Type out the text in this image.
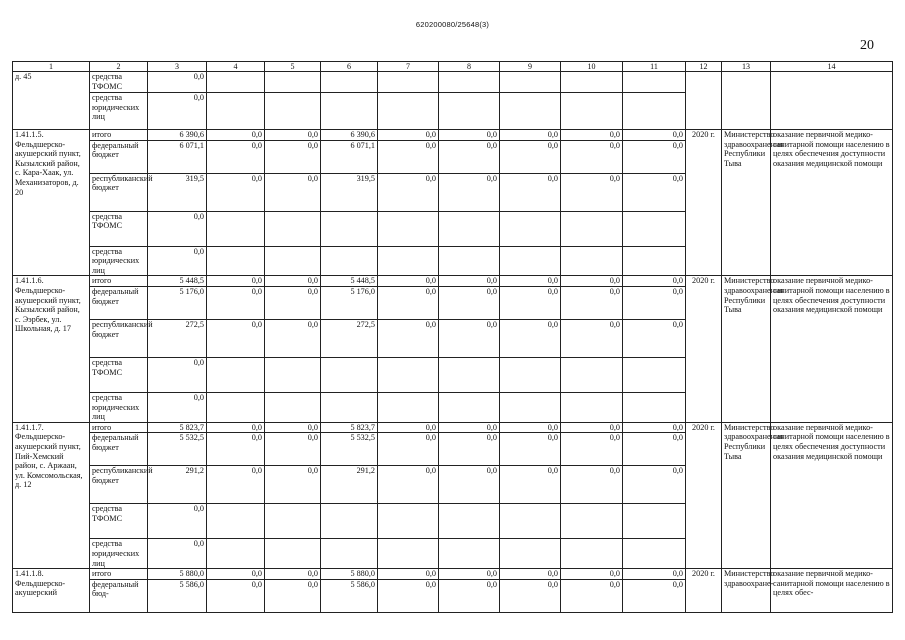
620200080/25648(3)
20
1	2	3	4	5	6	7	8	9	10	11	12	13	14
д. 45	средства ТФОМС	0,0											
	средства юридических лиц	0,0											
1.41.1.5. Фельдшерско-акушерский пункт, Кызылский район, с. Кара-Хаак, ул. Механизаторов, д. 20	итого	6 390,6	0,0	0,0	6 390,6	0,0	0,0	0,0	0,0	0,0	2020 г.	Министерство здравоохранения Республики Тыва	оказание первичной медико-санитарной помощи населению в целях обеспечения доступности оказания медицинской помощи
	федеральный бюджет	6 071,1	0,0	0,0	6 071,1	0,0	0,0	0,0	0,0	0,0			
	республиканский бюджет	319,5	0,0	0,0	319,5	0,0	0,0	0,0	0,0	0,0			
	средства ТФОМС	0,0											
	средства юридических лиц	0,0											
1.41.1.6. Фельдшерско-акушерский пункт, Кызылский район, с. Ээрбек, ул. Школьная, д. 17	итого	5 448,5	0,0	0,0	5 448,5	0,0	0,0	0,0	0,0	0,0	2020 г.	Министерство здравоохранения Республики Тыва	оказание первичной медико-санитарной помощи населению в целях обеспечения доступности оказания медицинской помощи
	федеральный бюджет	5 176,0	0,0	0,0	5 176,0	0,0	0,0	0,0	0,0	0,0			
	республиканский бюджет	272,5	0,0	0,0	272,5	0,0	0,0	0,0	0,0	0,0			
	средства ТФОМС	0,0											
	средства юридических лиц	0,0											
1.41.1.7. Фельдшерско-акушерский пункт, Пий-Хемский район, с. Аржаан, ул. Комсомольская, д. 12	итого	5 823,7	0,0	0,0	5 823,7	0,0	0,0	0,0	0,0	0,0	2020 г.	Министерство здравоохранения Республики Тыва	оказание первичной медико-санитарной помощи населению в целях обеспечения доступности оказания медицинской помощи
	федеральный бюджет	5 532,5	0,0	0,0	5 532,5	0,0	0,0	0,0	0,0	0,0			
	республиканский бюджет	291,2	0,0	0,0	291,2	0,0	0,0	0,0	0,0	0,0			
	средства ТФОМС	0,0											
	средства юридических лиц	0,0											
1.41.1.8. Фельдшерско-акушерский	итого	5 880,0	0,0	0,0	5 880,0	0,0	0,0	0,0	0,0	0,0	2020 г.	Министерство здравоохране-	оказание первичной медико-санитарной помощи населению в целях обес-
	федеральный бюд-	5 586,0	0,0	0,0	5 586,0	0,0	0,0	0,0	0,0	0,0			
